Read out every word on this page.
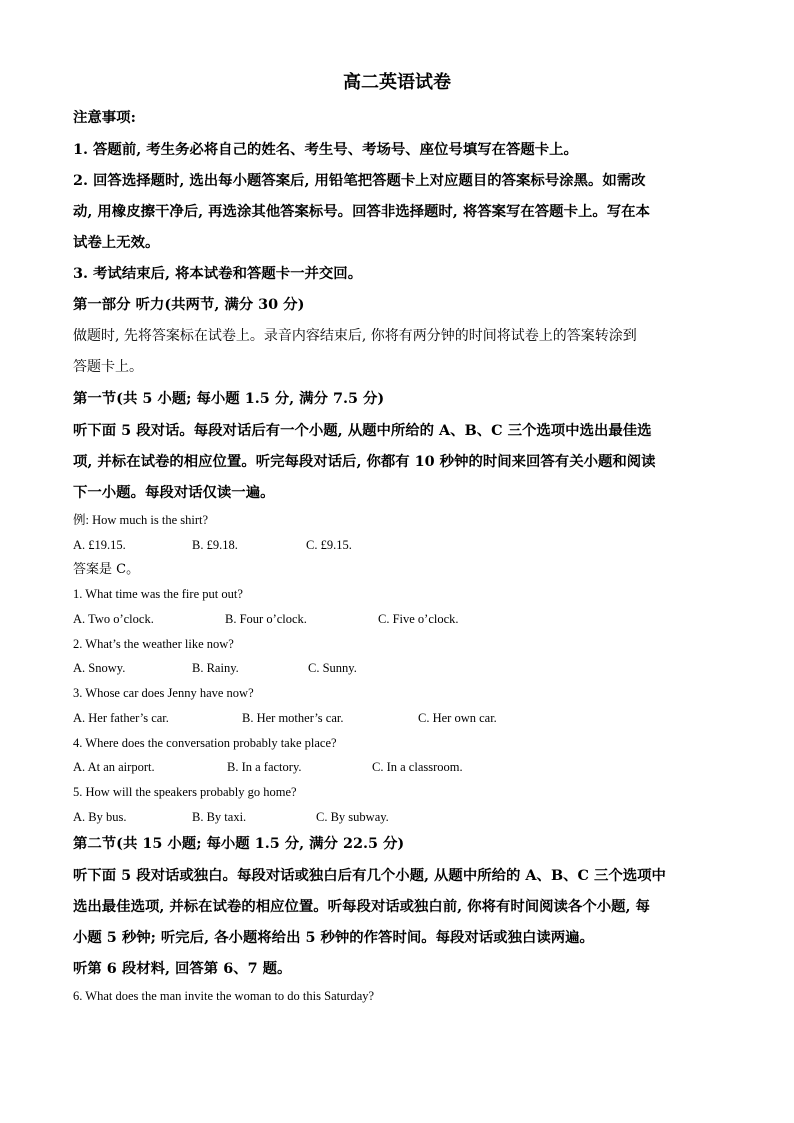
高二英语试卷
注意事项:
1. 答题前, 考生务必将自己的姓名、考生号、考场号、座位号填写在答题卡上。
2. 回答选择题时, 选出每小题答案后, 用铅笔把答题卡上对应题目的答案标号涂黑。如需改
动, 用橡皮擦干净后, 再选涂其他答案标号。回答非选择题时, 将答案写在答题卡上。写在本
试卷上无效。
3. 考试结束后, 将本试卷和答题卡一并交回。
第一部分 听力(共两节, 满分 30 分)
做题时, 先将答案标在试卷上。录音内容结束后, 你将有两分钟的时间将试卷上的答案转涂到
答题卡上。
第一节(共 5 小题; 每小题 1.5 分, 满分 7.5 分)
听下面 5 段对话。每段对话后有一个小题, 从题中所给的 A、B、C 三个选项中选出最佳选
项, 并标在试卷的相应位置。听完每段对话后, 你都有 10 秒钟的时间来回答有关小题和阅读
下一小题。每段对话仅读一遍。
例: How much is the shirt?
A. £19.15.	B. £9.18.	C. £9.15.
答案是 C。
1. What time was the fire put out?
A. Two o’clock.	B. Four o’clock.	C. Five o’clock.
2. What’s the weather like now?
A. Snowy.	B. Rainy.	C. Sunny.
3. Whose car does Jenny have now?
A. Her father’s car.	B. Her mother’s car.	C. Her own car.
4. Where does the conversation probably take place?
A. At an airport.	B. In a factory.	C. In a classroom.
5. How will the speakers probably go home?
A. By bus.	B. By taxi.	C. By subway.
第二节(共 15 小题; 每小题 1.5 分, 满分 22.5 分)
听下面 5 段对话或独白。每段对话或独白后有几个小题, 从题中所给的 A、B、C 三个选项中
选出最佳选项, 并标在试卷的相应位置。听每段对话或独白前, 你将有时间阅读各个小题, 每
小题 5 秒钟; 听完后, 各小题将给出 5 秒钟的作答时间。每段对话或独白读两遍。
听第 6 段材料, 回答第 6、7 题。
6. What does the man invite the woman to do this Saturday?
